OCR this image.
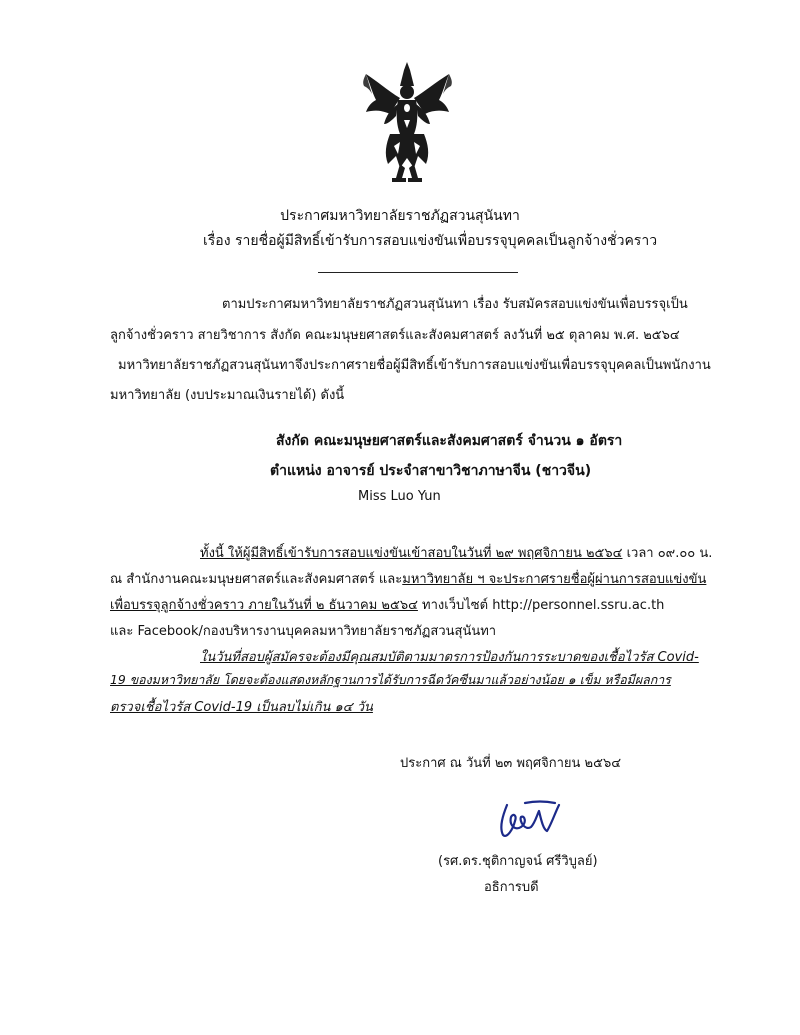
ประกาศมหาวิทยาลัยราชภัฏสวนสุนันทา
เรื่อง รายชื่อผู้มีสิทธิ์เข้ารับการสอบแข่งขันเพื่อบรรจุบุคคลเป็นลูกจ้างชั่วคราว
ตามประกาศมหาวิทยาลัยราชภัฏสวนสุนันทา เรื่อง รับสมัครสอบแข่งขันเพื่อบรรจุเป็น
ลูกจ้างชั่วคราว สายวิชาการ สังกัด คณะมนุษยศาสตร์และสังคมศาสตร์ ลงวันที่ ๒๕ ตุลาคม พ.ศ. ๒๕๖๔
มหาวิทยาลัยราชภัฏสวนสุนันทาจึงประกาศรายชื่อผู้มีสิทธิ์เข้ารับการสอบแข่งขันเพื่อบรรจุบุคคลเป็นพนักงาน
มหาวิทยาลัย (งบประมาณเงินรายได้) ดังนี้
สังกัด คณะมนุษยศาสตร์และสังคมศาสตร์ จำนวน ๑ อัตรา
ตำแหน่ง อาจารย์ ประจำสาขาวิชาภาษาจีน (ชาวจีน)
Miss Luo Yun
ทั้งนี้ ให้ผู้มีสิทธิ์เข้ารับการสอบแข่งขันเข้าสอบในวันที่ ๒๙ พฤศจิกายน ๒๕๖๔ เวลา ๐๙.๐๐ น.
ณ สำนักงานคณะมนุษยศาสตร์และสังคมศาสตร์ และมหาวิทยาลัย ฯ จะประกาศรายชื่อผู้ผ่านการสอบแข่งขัน
เพื่อบรรจุลูกจ้างชั่วคราว ภายในวันที่ ๒ ธันวาคม ๒๕๖๔ ทางเว็บไซต์ http://personnel.ssru.ac.th
และ Facebook/กองบริหารงานบุคคลมหาวิทยาลัยราชภัฏสวนสุนันทา
ในวันที่สอบผู้สมัครจะต้องมีคุณสมบัติตามมาตรการป้องกันการระบาดของเชื้อไวรัส Covid-
19 ของมหาวิทยาลัย โดยจะต้องแสดงหลักฐานการได้รับการฉีดวัคซีนมาแล้วอย่างน้อย ๑ เข็ม หรือมีผลการ
ตรวจเชื้อไวรัส Covid-19 เป็นลบไม่เกิน ๑๔ วัน
ประกาศ ณ วันที่ ๒๓ พฤศจิกายน ๒๕๖๔
(รศ.ดร.ชุติกาญจน์ ศรีวิบูลย์)
อธิการบดี
